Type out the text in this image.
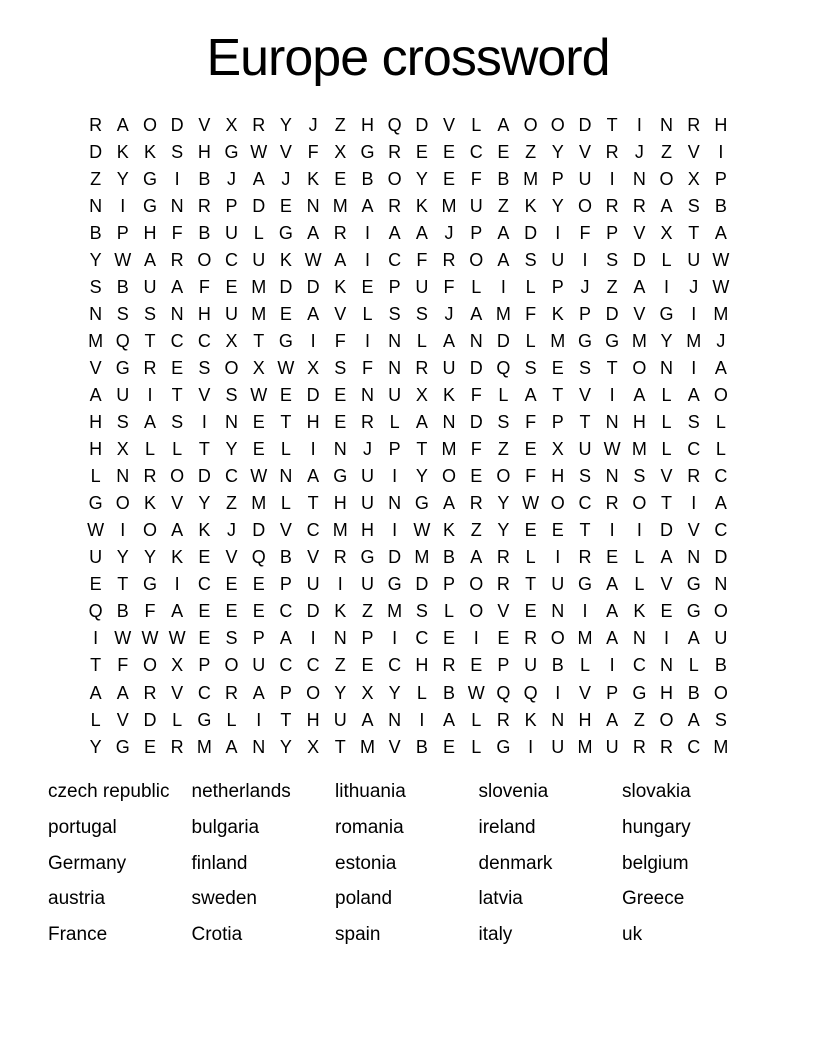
Europe crossword
R A O D V X R Y J Z H Q D V L A O O D T	I	N R H
D K K S H G W V F X G R E E C E Z Y V R J Z V	I
Z Y G I	B J A J K E B O Y E F B M P U	I	N O X P
N	I G N R P D E N M A R K M U Z K Y O R R A S B
B P H F B U L G A R	I	A A J P A D	I	F P V X T A
Y W A R O C U K W A	I	C F R O A S U	I	S D L U W
S B U A F E M D D K E P U F L	I	L P J Z A	I	J W
N S S N H U M E A V L S S J A M F K P D V G I M
M Q T C C X T G I	F	I	N L A N D L M G G M Y M J
V G R E S O X W X S F N R U D Q S E S T O N	I	A
A U	I	T V S W E D E N U X K F L A T V	I	A L A O
H S A S	I	N E T H E R L A N D S F P T N H L S L
H X L L T Y E L	I	N J P T M F Z E X U W M L C L
L N R O D C W N A G U	I	Y O E O F H S N S V R C
G O K V Y Z M L T H U N G A R Y W O C R O T	I	A
W I O A K J D V C M H	I W K Z Y E E T	I	I	D V C
U Y Y K E V Q B V R G D M B A R L	I	R E L A N D
E T G I	C E E P U	I	U G D P O R T U G A L V G N
Q B F A E E E C D K Z M S L O V E N	I	A K E G O
I W W W E S P A	I	N P	I	C E	I	E R O M A N	I	A U
T F O X P O U C C Z E C H R E P U B L	I	C N L B
A A R V C R A P O Y X Y L B W Q Q I	V P G H B O
L V D L G L	I	T H U A N	I	A L R K N H A Z O A S
Y G E R M A N Y X T M V B E L G I	U M U R R C M
czech republic	netherlands	lithuania	slovenia	slovakia
portugal	bulgaria	romania	ireland	hungary
Germany	finland	estonia	denmark	belgium
austria	sweden	poland	latvia	Greece
France	Crotia	spain	italy	uk
